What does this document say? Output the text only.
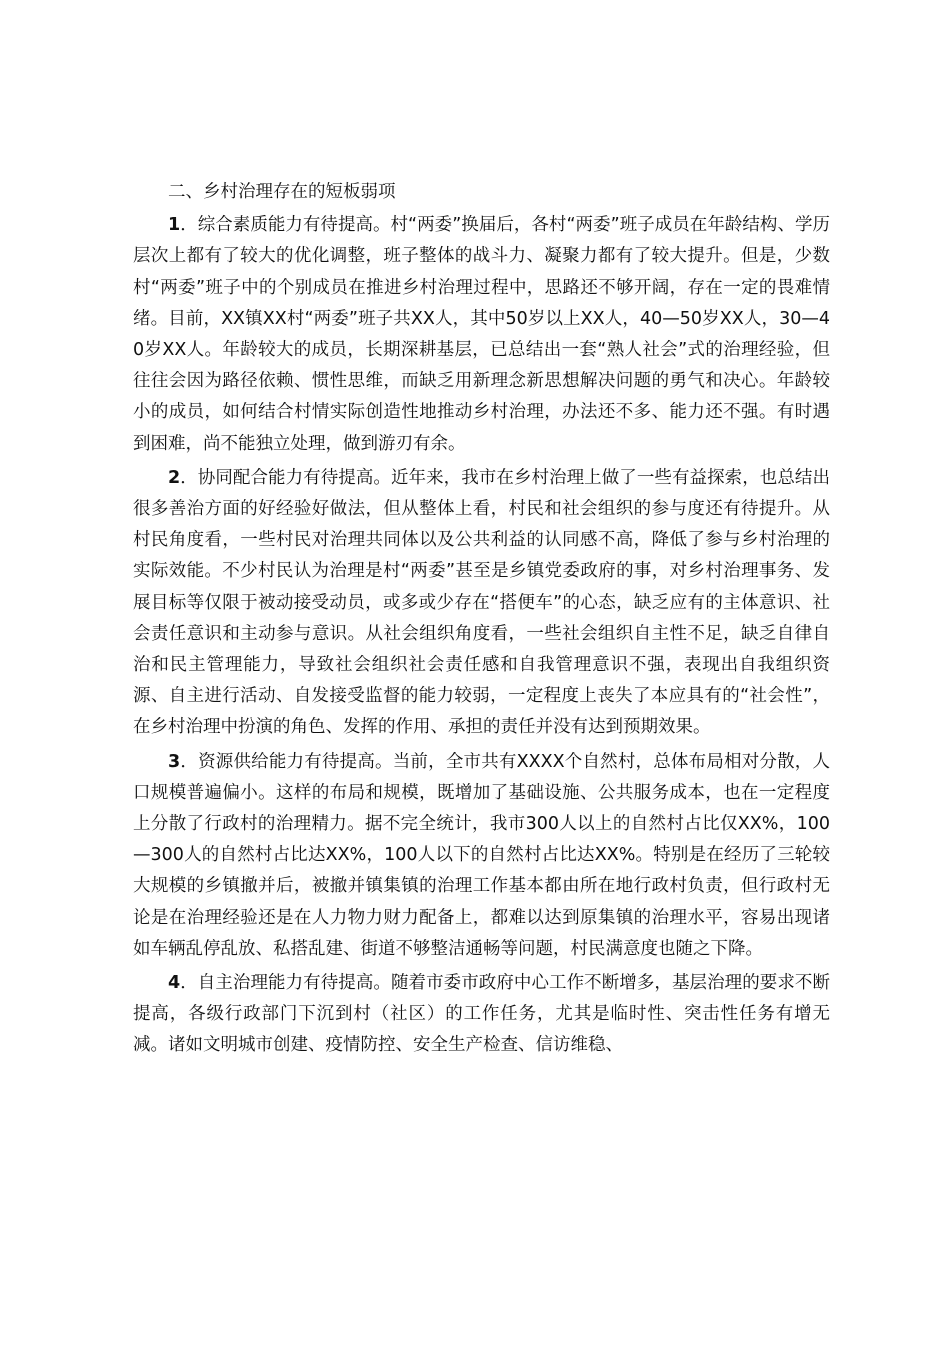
二、乡村治理存在的短板弱项

1．综合素质能力有待提高。村“两委”换届后，各村“两委”班子成员在年龄结构、学历层次上都有了较大的优化调整，班子整体的战斗力、凝聚力都有了较大提升。但是，少数村“两委”班子中的个别成员在推进乡村治理过程中，思路还不够开阔，存在一定的畏难情绪。目前，XX镇XX村“两委”班子共XX人，其中50岁以上XX人，40—50岁XX人，30—40岁XX人。年龄较大的成员，长期深耕基层，已总结出一套“熟人社会”式的治理经验，但往往会因为路径依赖、惯性思维，而缺乏用新理念新思想解决问题的勇气和决心。年龄较小的成员，如何结合村情实际创造性地推动乡村治理，办法还不多、能力还不强。有时遇到困难，尚不能独立处理，做到游刃有余。

2．协同配合能力有待提高。近年来，我市在乡村治理上做了一些有益探索，也总结出很多善治方面的好经验好做法，但从整体上看，村民和社会组织的参与度还有待提升。从村民角度看，一些村民对治理共同体以及公共利益的认同感不高，降低了参与乡村治理的实际效能。不少村民认为治理是村“两委”甚至是乡镇党委政府的事，对乡村治理事务、发展目标等仅限于被动接受动员，或多或少存在“搭便车”的心态，缺乏应有的主体意识、社会责任意识和主动参与意识。从社会组织角度看，一些社会组织自主性不足，缺乏自律自治和民主管理能力，导致社会组织社会责任感和自我管理意识不强，表现出自我组织资源、自主进行活动、自发接受监督的能力较弱，一定程度上丧失了本应具有的“社会性”，在乡村治理中扮演的角色、发挥的作用、承担的责任并没有达到预期效果。

3．资源供给能力有待提高。当前，全市共有XXXX个自然村，总体布局相对分散，人口规模普遍偏小。这样的布局和规模，既增加了基础设施、公共服务成本，也在一定程度上分散了行政村的治理精力。据不完全统计，我市300人以上的自然村占比仅XX%，100—300人的自然村占比达XX%，100人以下的自然村占比达XX%。特别是在经历了三轮较大规模的乡镇撤并后，被撤并镇集镇的治理工作基本都由所在地行政村负责，但行政村无论是在治理经验还是在人力物力财力配备上，都难以达到原集镇的治理水平，容易出现诸如车辆乱停乱放、私搭乱建、街道不够整洁通畅等问题，村民满意度也随之下降。

4．自主治理能力有待提高。随着市委市政府中心工作不断增多，基层治理的要求不断提高，各级行政部门下沉到村（社区）的工作任务，尤其是临时性、突击性任务有增无减。诸如文明城市创建、疫情防控、安全生产检查、信访维稳、
